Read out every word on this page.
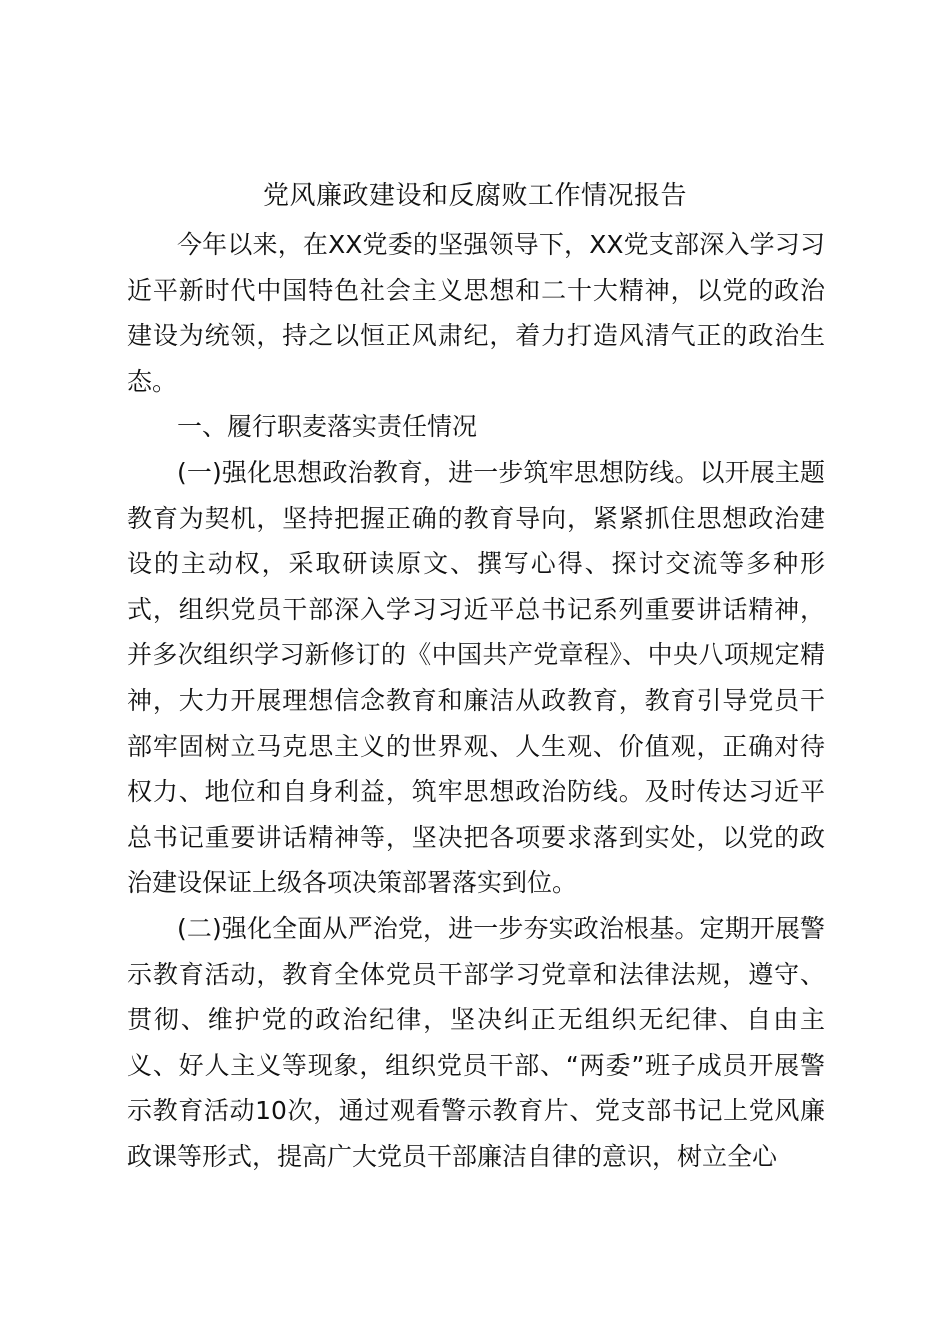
党风廉政建设和反腐败工作情况报告

今年以来，在XX党委的坚强领导下，XX党支部深入学习习近平新时代中国特色社会主义思想和二十大精神，以党的政治建设为统领，持之以恒正风肃纪，着力打造风清气正的政治生态。

一、履行职麦落实责任情况

(一)强化思想政治教育，进一步筑牢思想防线。以开展主题教育为契机，坚持把握正确的教育导向，紧紧抓住思想政治建设的主动权，采取研读原文、撰写心得、探讨交流等多种形式，组织党员干部深入学习习近平总书记系列重要讲话精神，并多次组织学习新修订的《中国共产党章程》、中央八项规定精神，大力开展理想信念教育和廉洁从政教育，教育引导党员干部牢固树立马克思主义的世界观、人生观、价值观，正确对待权力、地位和自身利益，筑牢思想政治防线。及时传达习近平总书记重要讲话精神等，坚决把各项要求落到实处，以党的政治建设保证上级各项决策部署落实到位。

(二)强化全面从严治党，进一步夯实政治根基。定期开展警示教育活动，教育全体党员干部学习党章和法律法规，遵守、贯彻、维护党的政治纪律，坚决纠正无组织无纪律、自由主义、好人主义等现象，组织党员干部、“两委”班子成员开展警示教育活动10次，通过观看警示教育片、党支部书记上党风廉政课等形式，提高广大党员干部廉洁自律的意识，树立全心
